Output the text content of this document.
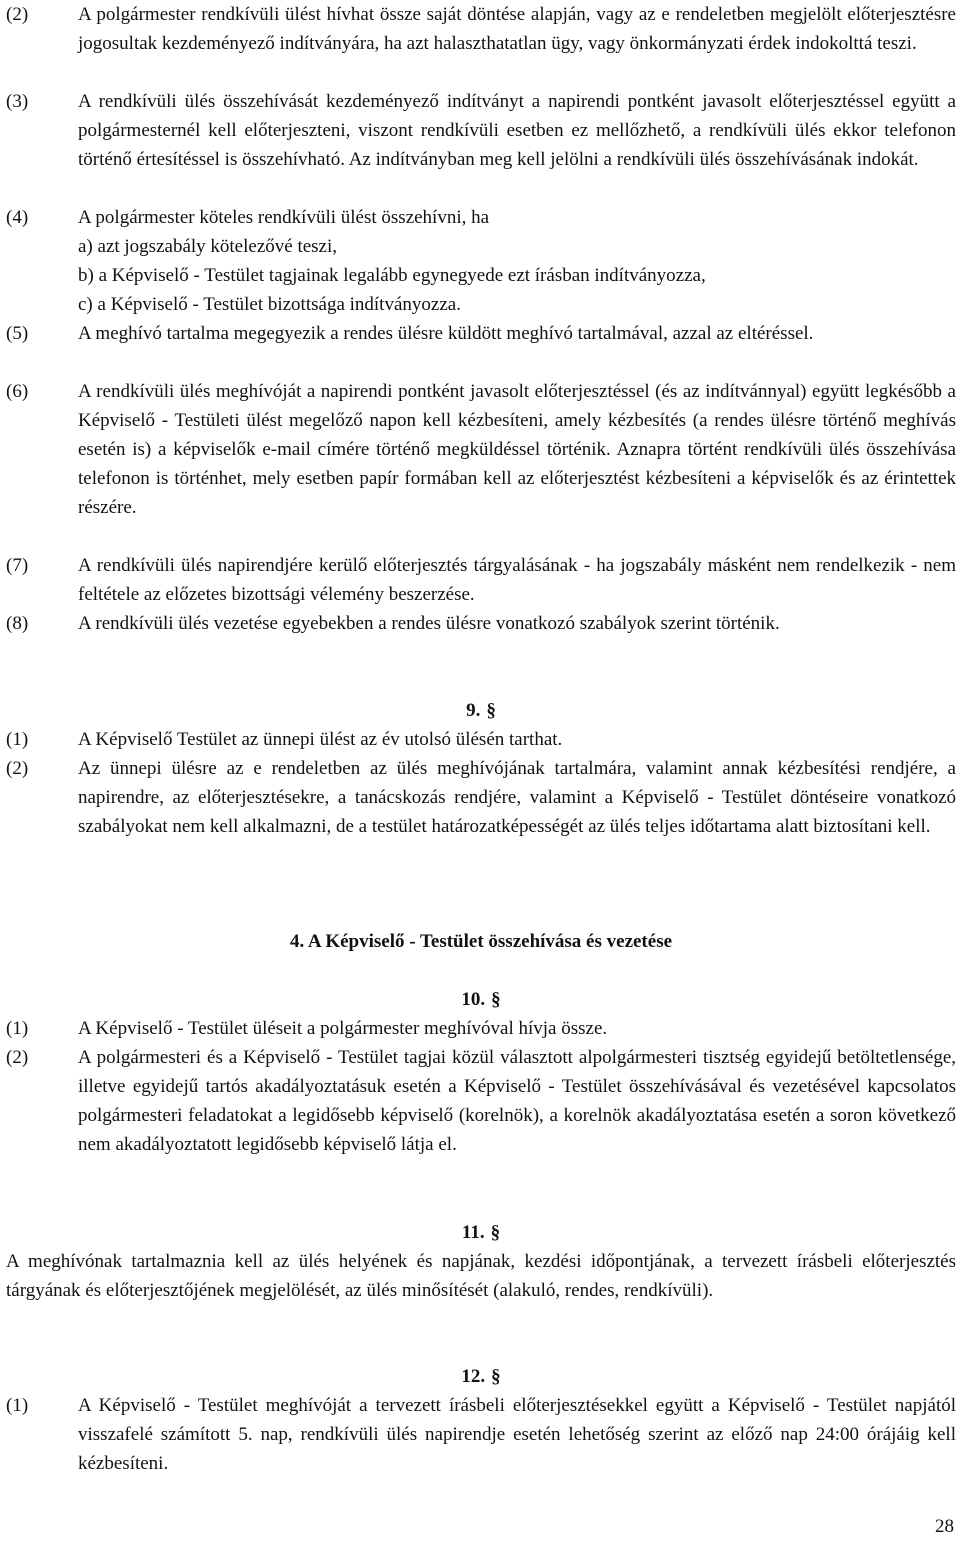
(2)	A polgármester rendkívüli ülést hívhat össze saját döntése alapján, vagy az e rendeletben megjelölt előterjesztésre jogosultak kezdeményező indítványára, ha azt halaszthatatlan ügy, vagy önkormányzati érdek indokolttá teszi.
(3)	A rendkívüli ülés összehívását kezdeményező indítványt a napirendi pontként javasolt előterjesztéssel együtt a polgármesternél kell előterjeszteni, viszont rendkívüli esetben ez mellőzhető, a rendkívüli ülés ekkor telefonon történő értesítéssel is összehívható. Az indítványban meg kell jelölni a rendkívüli ülés összehívásának indokát.
(4)	A polgármester köteles rendkívüli ülést összehívni, ha
a) azt jogszabály kötelezővé teszi,
b) a Képviselő - Testület tagjainak legalább egynegyede ezt írásban indítványozza,
c) a Képviselő - Testület bizottsága indítványozza.
(5)	A meghívó tartalma megegyezik a rendes ülésre küldött meghívó tartalmával, azzal az eltéréssel.
(6)	A rendkívüli ülés meghívóját a napirendi pontként javasolt előterjesztéssel (és az indítvánnyal) együtt legkésőbb a Képviselő - Testületi ülést megelőző napon kell kézbesíteni, amely kézbesítés (a rendes ülésre történő meghívás esetén is) a képviselők e-mail címére történő megküldéssel történik. Aznapra történt rendkívüli ülés összehívása telefonon is történhet, mely esetben papír formában kell az előterjesztést kézbesíteni a képviselők és az érintettek részére.
(7)	A rendkívüli ülés napirendjére kerülő előterjesztés tárgyalásának - ha jogszabály másként nem rendelkezik - nem feltétele az előzetes bizottsági vélemény beszerzése.
(8)	A rendkívüli ülés vezetése egyebekben a rendes ülésre vonatkozó szabályok szerint történik.
9. §
(1)	A Képviselő Testület az ünnepi ülést az év utolsó ülésén tarthat.
(2)	Az ünnepi ülésre az e rendeletben az ülés meghívójának tartalmára, valamint annak kézbesítési rendjére, a napirendre, az előterjesztésekre, a tanácskozás rendjére, valamint a Képviselő - Testület döntéseire vonatkozó szabályokat nem kell alkalmazni, de a testület határozatképességét az ülés teljes időtartama alatt biztosítani kell.
4. A Képviselő - Testület összehívása és vezetése
10. §
(1)	A Képviselő - Testület üléseit a polgármester meghívóval hívja össze.
(2)	A polgármesteri és a Képviselő - Testület tagjai közül választott alpolgármesteri tisztség egyidejű betöltetlensége, illetve egyidejű tartós akadályoztatásuk esetén a Képviselő - Testület összehívásával és vezetésével kapcsolatos polgármesteri feladatokat a legidősebb képviselő (korelnök), a korelnök akadályoztatása esetén a soron következő nem akadályoztatott legidősebb képviselő látja el.
11. §
A meghívónak tartalmaznia kell az ülés helyének és napjának, kezdési időpontjának, a tervezett írásbeli előterjesztés tárgyának és előterjesztőjének megjelölését, az ülés minősítését (alakuló, rendes, rendkívüli).
12. §
(1)	A Képviselő - Testület meghívóját a tervezett írásbeli előterjesztésekkel együtt a Képviselő - Testület napjától visszafelé számított 5. nap, rendkívüli ülés napirendje esetén lehetőség szerint az előző nap 24:00 órájáig kell kézbesíteni.
28
